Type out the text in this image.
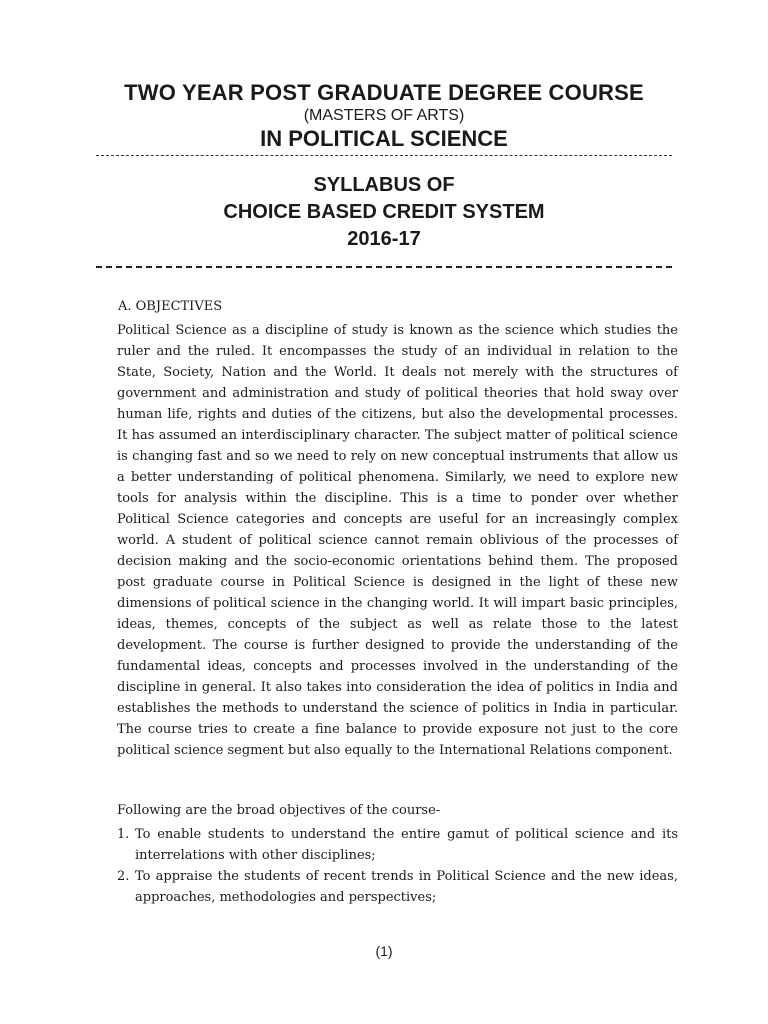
TWO YEAR POST GRADUATE DEGREE COURSE
(MASTERS OF ARTS)
IN POLITICAL SCIENCE
SYLLABUS OF
CHOICE BASED CREDIT SYSTEM
2016-17
A. OBJECTIVES

Political Science as a discipline of study is known as the science which studies the ruler and the ruled. It encompasses the study of an individual in relation to the State, Society, Nation and the World. It deals not merely with the structures of government and administration and study of political theories that hold sway over human life, rights and duties of the citizens, but also the developmental processes. It has assumed an interdisciplinary character. The subject matter of political science is changing fast and so we need to rely on new conceptual instruments that allow us a better understanding of political phenomena. Similarly, we need to explore new tools for analysis within the discipline. This is a time to ponder over whether Political Science categories and concepts are useful for an increasingly complex world. A student of political science cannot remain oblivious of the processes of decision making and the socio-economic orientations behind them. The proposed post graduate course in Political Science is designed in the light of these new dimensions of political science in the changing world. It will impart basic principles, ideas, themes, concepts of the subject as well as relate those to the latest development. The course is further designed to provide the understanding of the fundamental ideas, concepts and processes involved in the understanding of the discipline in general. It also takes into consideration the idea of politics in India and establishes the methods to understand the science of politics in India in particular. The course tries to create a fine balance to provide exposure not just to the core political science segment but also equally to the International Relations component.

Following are the broad objectives of the course-
1. To enable students to understand the entire gamut of political science and its interrelations with other disciplines;
2. To appraise the students of recent trends in Political Science and the new ideas, approaches, methodologies and perspectives;
(1)
